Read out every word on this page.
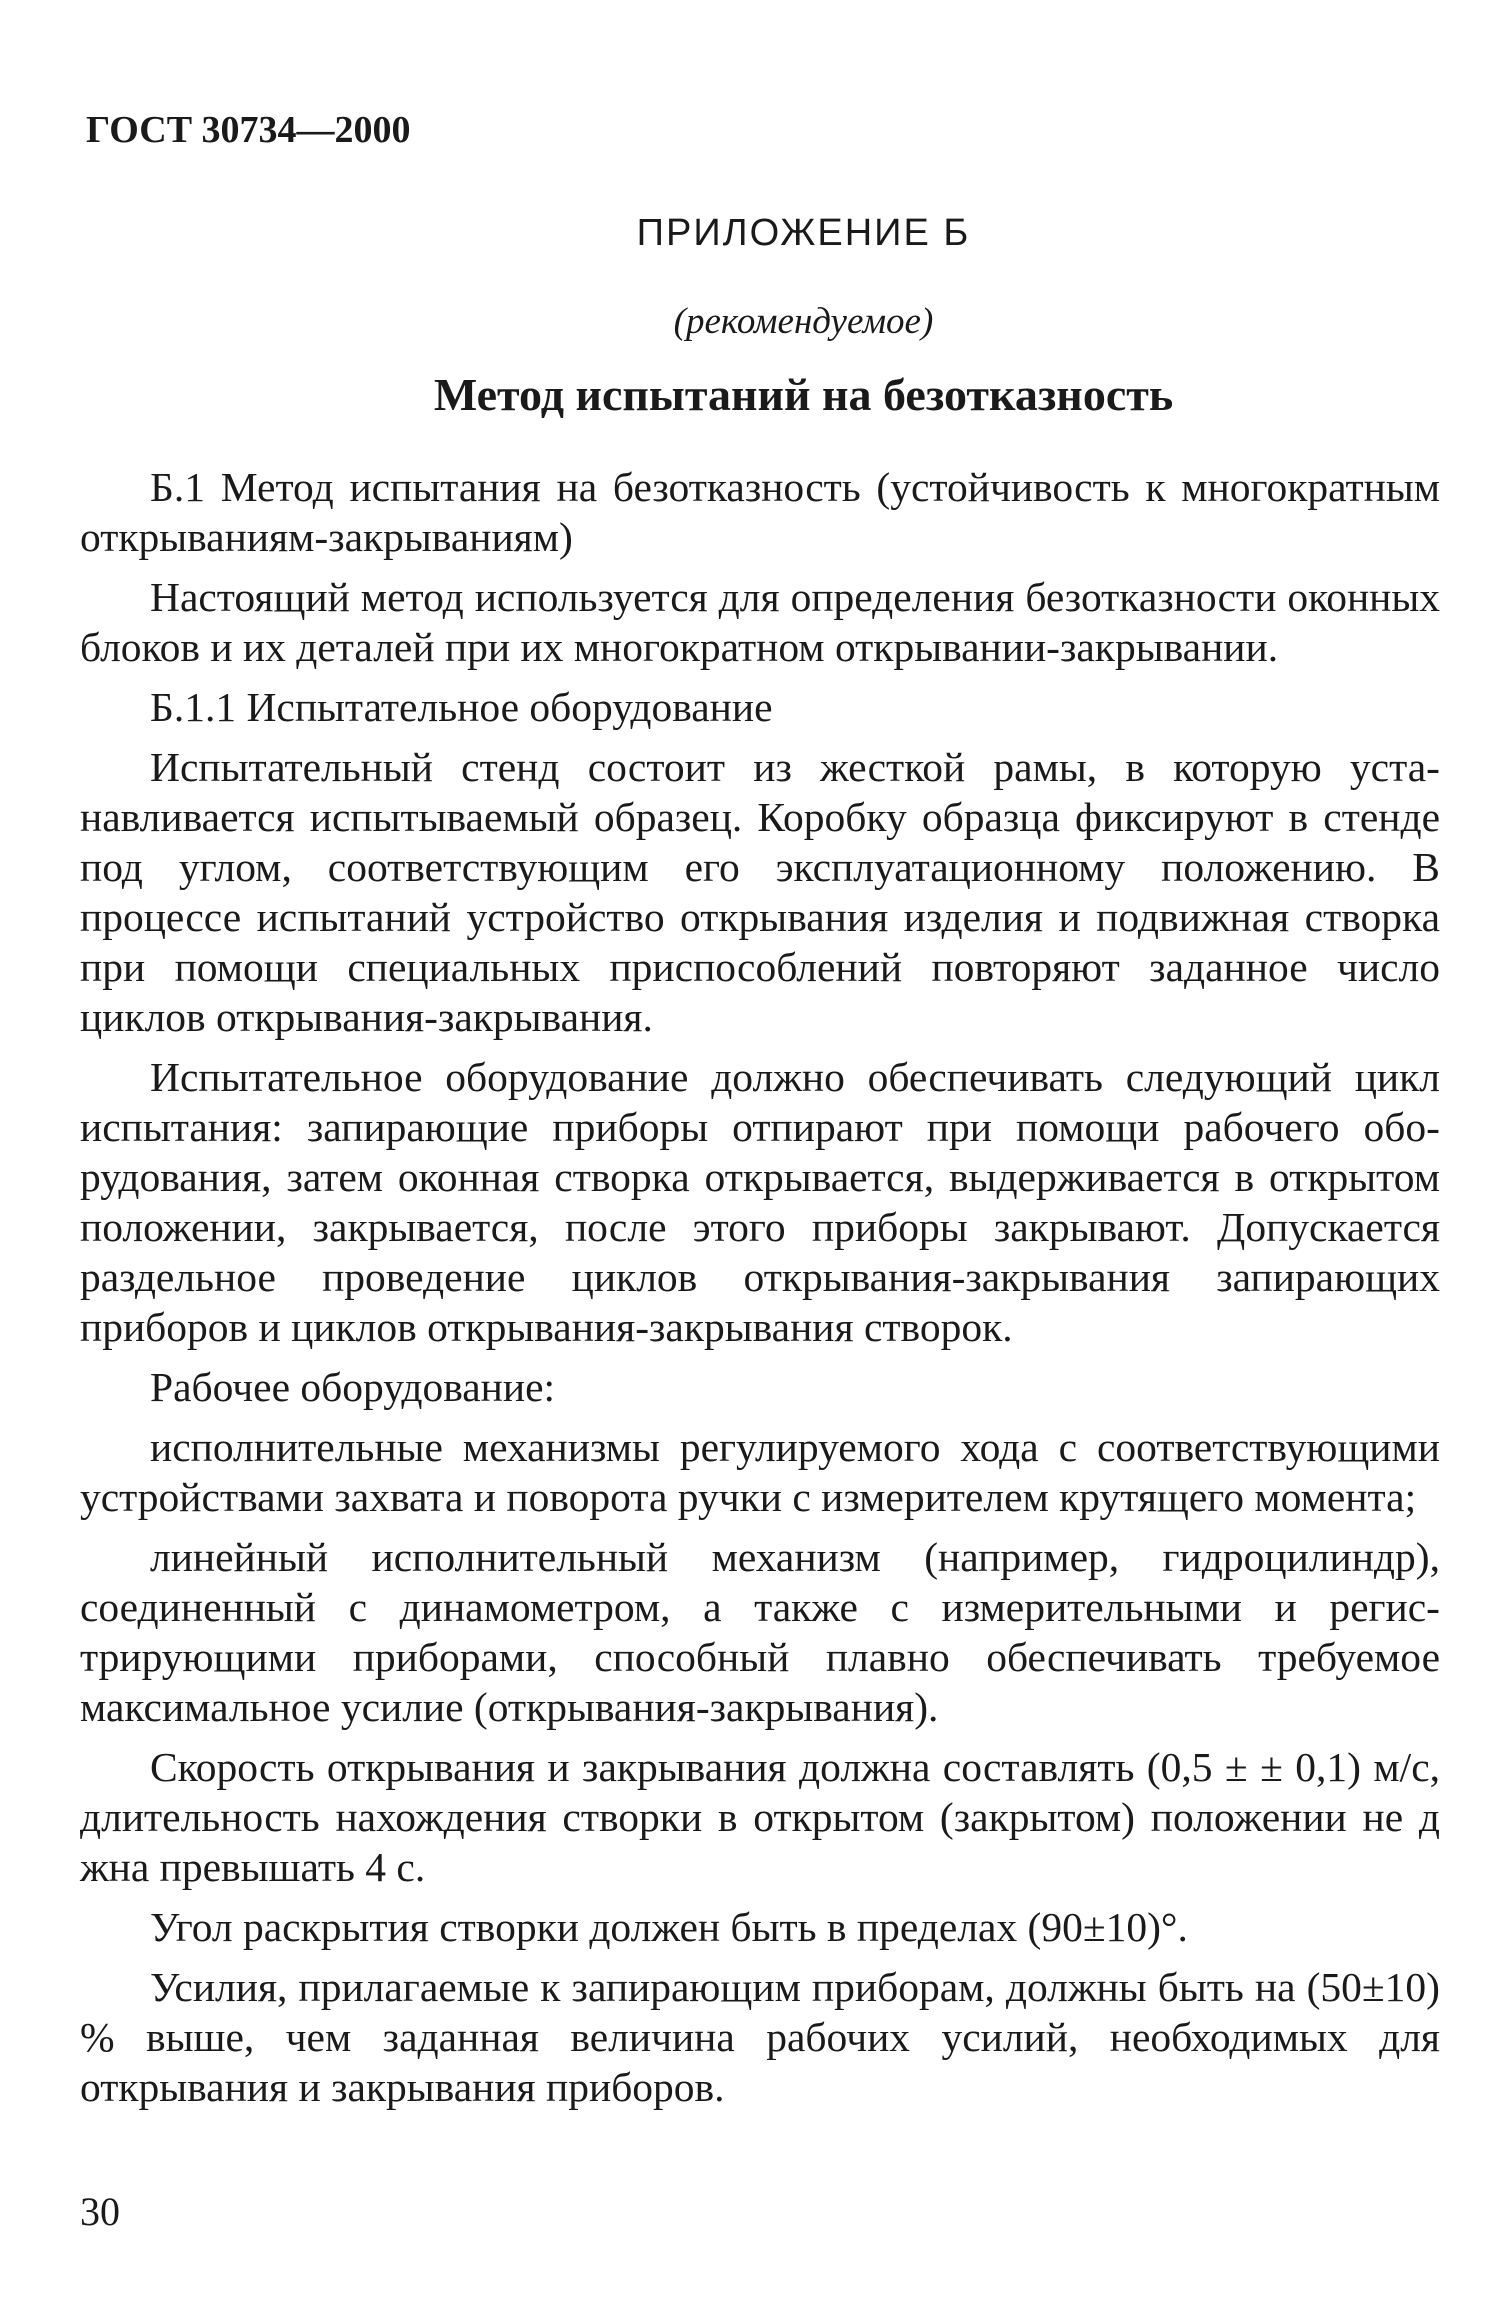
ГОСТ 30734—2000
ПРИЛОЖЕНИЕ Б
(рекомендуемое)
Метод испытаний на безотказность

Б.1 Метод испытания на безотказность (устойчивость к многократным открываниям-закрываниям)

Настоящий метод используется для определения безотказности оконных блоков и их деталей при их многократном открывании-закрывании.

Б.1.1 Испытательное оборудование

Испытательный стенд состоит из жесткой рамы, в которую устанавливается испытываемый образец. Коробку образца фиксируют в стенде под углом, соответствующим его эксплуатационному положению. В процессе испытаний устройство открывания изделия и подвижная створка при помощи специальных приспособлений повторяют заданное число циклов открывания-закрывания.

Испытательное оборудование должно обеспечивать следующий цикл испытания: запирающие приборы отпирают при помощи рабочего оборудования, затем оконная створка открывается, выдерживается в открытом положении, закрывается, после этого приборы закрывают. Допускается раздельное проведение циклов открывания-закрывания запирающих приборов и циклов открывания-закрывания створок.

Рабочее оборудование:

исполнительные механизмы регулируемого хода с соответствующими устройствами захвата и поворота ручки с измерителем крутящего момента;

линейный исполнительный механизм (например, гидроцилиндр), соединенный с динамометром, а также с измерительными и регистрирующими приборами, способный плавно обеспечивать требуемое максимальное усилие (открывания-закрывания).

Скорость открывания и закрывания должна составлять (0,5 ± ± 0,1) м/с, длительность нахождения створки в открытом (закрытом) положении не д жна превышать 4 с.

Угол раскрытия створки должен быть в пределах (90±10)°.

Усилия, прилагаемые к запирающим приборам, должны быть на (50±10) % выше, чем заданная величина рабочих усилий, необходимых для открывания и закрывания приборов.

30
